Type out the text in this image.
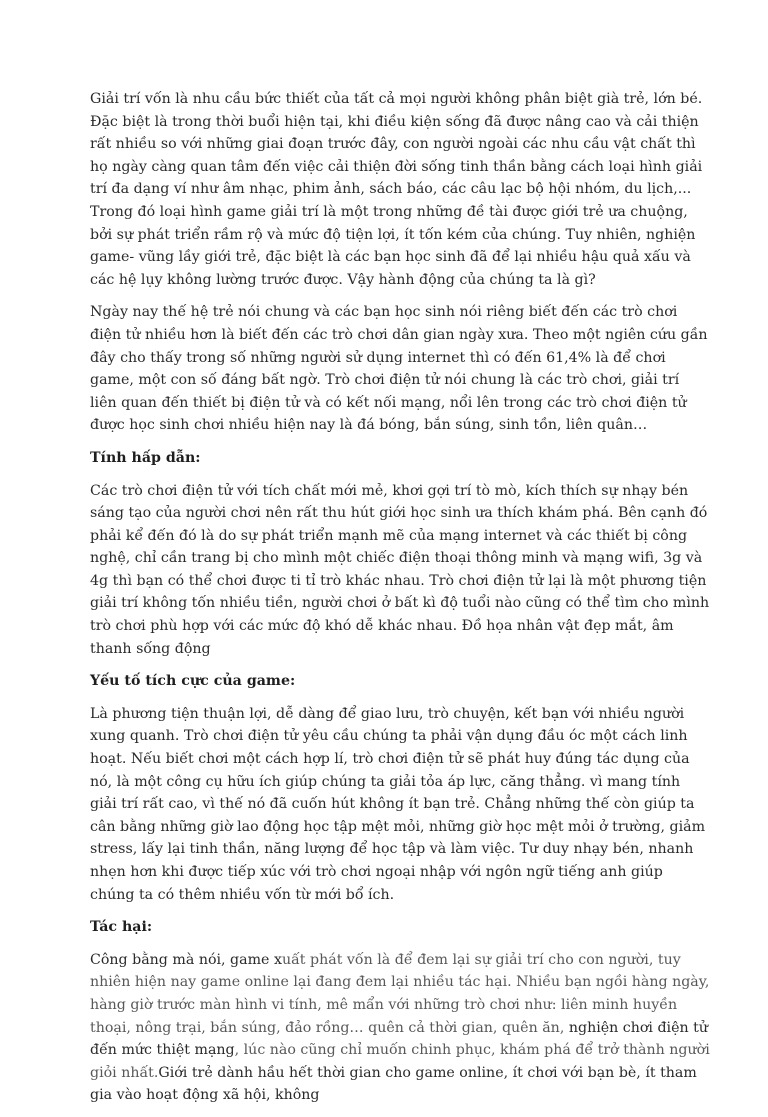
Giải trí vốn là nhu cầu bức thiết của tất cả mọi người không phân biệt già trẻ, lớn bé. Đặc biệt là trong thời buổi hiện tại, khi điều kiện sống đã được nâng cao và cải thiện rất nhiều so với những giai đoạn trước đây, con người ngoài các nhu cầu vật chất thì họ ngày càng quan tâm đến việc cải thiện đời sống tinh thần bằng cách loại hình giải trí đa dạng ví như âm nhạc, phim ảnh, sách báo, các câu lạc bộ hội nhóm, du lịch,... Trong đó loại hình game giải trí là một trong những đề tài được giới trẻ ưa chuộng, bởi sự phát triển rầm rộ và mức độ tiện lợi, ít tốn kém của chúng. Tuy nhiên, nghiện game- vũng lầy giới trẻ, đặc biệt là các bạn học sinh đã để lại nhiều hậu quả xấu và các hệ lụy không lường trước được. Vậy hành động của chúng ta là gì?

Ngày nay thế hệ trẻ nói chung và các bạn học sinh nói riêng biết đến các trò chơi điện tử nhiều hơn là biết đến các trò chơi dân gian ngày xưa. Theo một ngiên cứu gần đây cho thấy trong số những người sử dụng internet thì có đến 61,4% là để chơi game, một con số đáng bất ngờ. Trò chơi điện tử nói chung là các trò chơi, giải trí liên quan đến thiết bị điện tử và có kết nối mạng, nổi lên trong các trò chơi điện tử được học sinh chơi nhiều hiện nay là đá bóng, bắn súng, sinh tồn, liên quân…

Tính hấp dẫn:

Các trò chơi điện tử với tích chất mới mẻ, khơi gợi trí tò mò, kích thích sự nhạy bén sáng tạo của người chơi nên rất thu hút giới học sinh ưa thích khám phá. Bên cạnh đó phải kể đến đó là do sự phát triển mạnh mẽ của mạng internet và các thiết bị công nghệ, chỉ cần trang bị cho mình một chiếc điện thoại thông minh và mạng wifi, 3g và 4g thì bạn có thể chơi được ti tỉ trò khác nhau. Trò chơi điện tử lại là một phương tiện giải trí không tốn nhiều tiền, người chơi ở bất kì độ tuổi nào cũng có thể tìm cho mình trò chơi phù hợp với các mức độ khó dễ khác nhau. Đồ họa nhân vật đẹp mắt, âm thanh sống động

Yếu tố tích cực của game:

Là phương tiện thuận lợi, dễ dàng để giao lưu, trò chuyện, kết bạn với nhiều người xung quanh. Trò chơi điện tử yêu cầu chúng ta phải vận dụng đầu óc một cách linh hoạt. Nếu biết chơi một cách hợp lí, trò chơi điện tử sẽ phát huy đúng tác dụng của nó, là một công cụ hữu ích giúp chúng ta giải tỏa áp lực, căng thẳng. vì mang tính giải trí rất cao, vì thế nó đã cuốn hút không ít bạn trẻ. Chẳng những thế còn giúp ta cân bằng những giờ lao động học tập mệt mỏi, những giờ học mệt mỏi ở trường, giảm stress, lấy lại tinh thần, năng lượng để học tập và làm việc. Tư duy nhạy bén, nhanh nhẹn hơn khi được tiếp xúc với trò chơi ngoại nhập với ngôn ngữ tiếng anh giúp chúng ta có thêm nhiều vốn từ mới bổ ích.

Tác hại:

Công bằng mà nói, game xuất phát vốn là để đem lại sự giải trí cho con người, tuy nhiên hiện nay game online lại đang đem lại nhiều tác hại. Nhiều bạn ngồi hàng ngày, hàng giờ trước màn hình vi tính, mê mẩn với những trò chơi như: liên minh huyền thoại, nông trại, bắn súng, đảo rồng… quên cả thời gian, quên ăn, nghiện chơi điện tử đến mức thiệt mạng, lúc nào cũng chỉ muốn chinh phục, khám phá để trở thành người giỏi nhất.Giới trẻ dành hầu hết thời gian cho game online, ít chơi với bạn bè, ít tham gia vào hoạt động xã hội, không
